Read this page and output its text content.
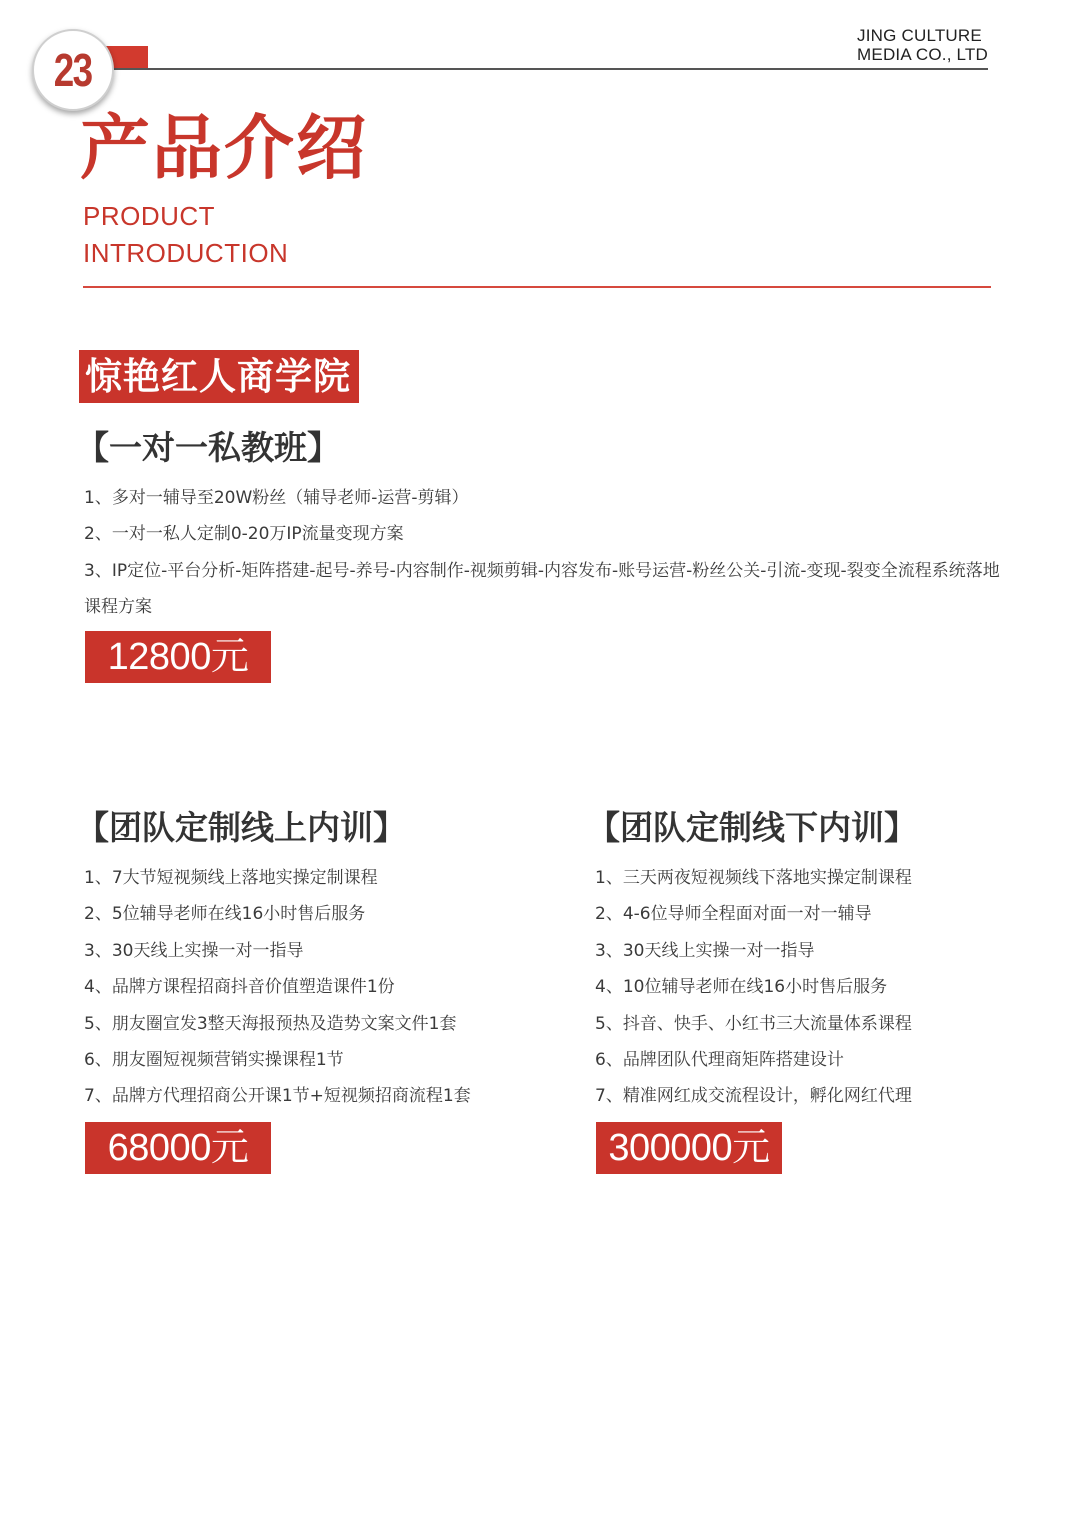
23
JING CULTURE
MEDIA CO., LTD
产品介绍
PRODUCT
INTRODUCTION
惊艳红人商学院
【一对一私教班】
1、多对一辅导至20W粉丝（辅导老师-运营-剪辑）
2、一对一私人定制0-20万IP流量变现方案
3、IP定位-平台分析-矩阵搭建-起号-养号-内容制作-视频剪辑-内容发布-账号运营-粉丝公关-引流-变现-裂变全流程系统落地课程方案
12800元
【团队定制线上内训】
1、7大节短视频线上落地实操定制课程
2、5位辅导老师在线16小时售后服务
3、30天线上实操一对一指导
4、品牌方课程招商抖音价值塑造课件1份
5、朋友圈宣发3整天海报预热及造势文案文件1套
6、朋友圈短视频营销实操课程1节
7、品牌方代理招商公开课1节+短视频招商流程1套
68000元
【团队定制线下内训】
1、三天两夜短视频线下落地实操定制课程
2、4-6位导师全程面对面一对一辅导
3、30天线上实操一对一指导
4、10位辅导老师在线16小时售后服务
5、抖音、快手、小红书三大流量体系课程
6、品牌团队代理商矩阵搭建设计
7、精准网红成交流程设计，孵化网红代理
300000元
